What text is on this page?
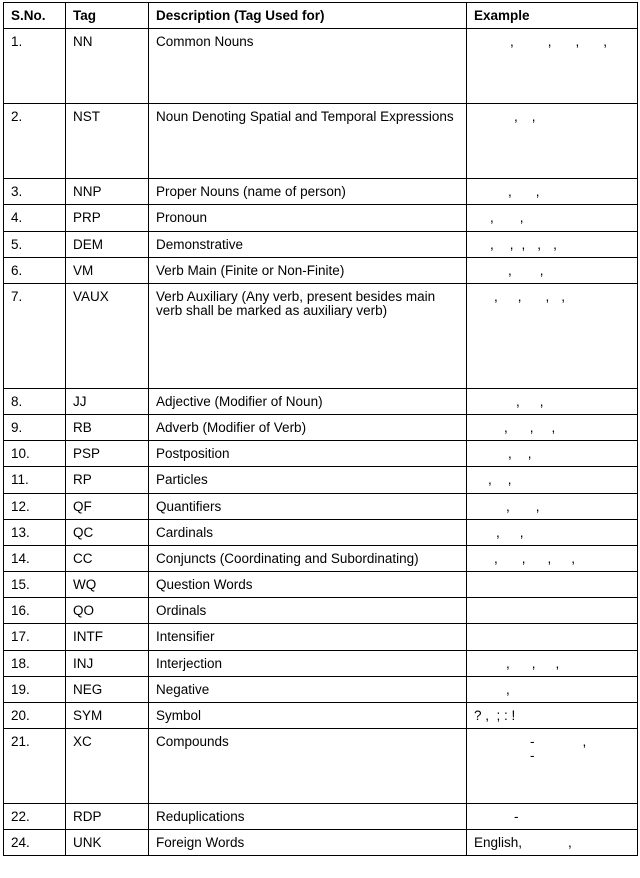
S.No.	Tag	Description (Tag Used for)	Example
1.	NN	Common Nouns	, , , ,
2.	NST	Noun Denoting Spatial and Temporal Expressions	, ,
3.	NNP	Proper Nouns (name of person)	, ,
4.	PRP	Pronoun	, ,
5.	DEM	Demonstrative	, , , , ,
6.	VM	Verb Main (Finite or Non-Finite)	, ,
7.	VAUX	Verb Auxiliary (Any verb, present besides main verb shall be marked as auxiliary verb)	, , , ,
8.	JJ	Adjective (Modifier of Noun)	, ,
9.	RB	Adverb (Modifier of Verb)	, , ,
10.	PSP	Postposition	, ,
11.	RP	Particles	, ,
12.	QF	Quantifiers	, ,
13.	QC	Cardinals	, ,
14.	CC	Conjuncts (Coordinating and Subordinating)	, , , ,
15.	WQ	Question Words	
16.	QO	Ordinals	
17.	INTF	Intensifier	
18.	INJ	Interjection	, , ,
19.	NEG	Negative	,
20.	SYM	Symbol	? ,  ; : !
21.	XC	Compounds	- ,
-

22.	RDP	Reduplications	-
24.	UNK	Foreign Words	English, ,
